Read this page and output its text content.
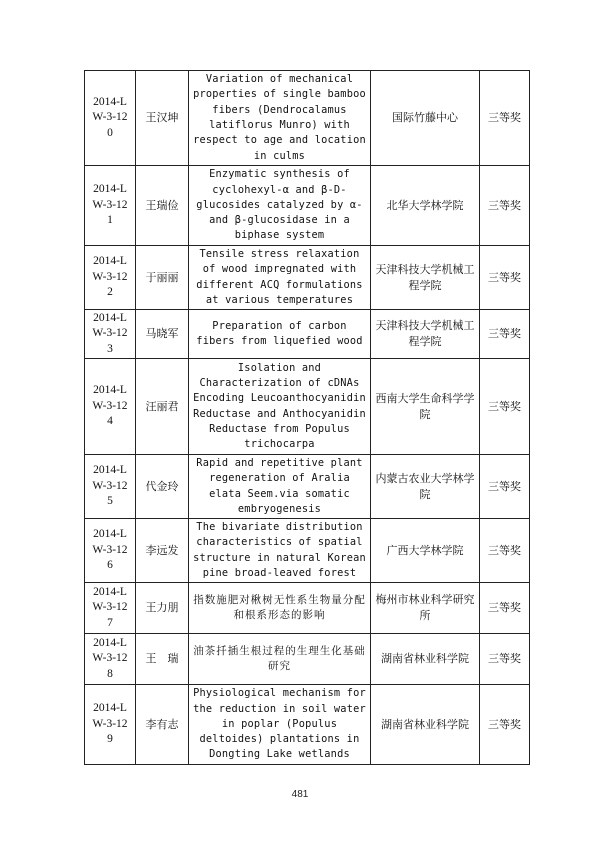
2014-L
W-3-12
0	王汉坤	Variation of mechanical properties of single bamboo fibers (Dendrocalamus latiflorus Munro) with respect to age and location in culms	国际竹藤中心	三等奖
2014-L
W-3-12
1	王瑞俭	Enzymatic synthesis of cyclohexyl-α and β-D-glucosides catalyzed by α- and β-glucosidase in a biphase system	北华大学林学院	三等奖
2014-L
W-3-12
2	于丽丽	Tensile stress relaxation of wood impregnated with different ACQ formulations at various temperatures	天津科技大学机械工程学院	三等奖
2014-L
W-3-12
3	马晓军	Preparation of carbon fibers from liquefied wood	天津科技大学机械工程学院	三等奖
2014-L
W-3-12
4	汪丽君	Isolation and Characterization of cDNAs Encoding Leucoanthocyanidin Reductase and Anthocyanidin Reductase from Populus trichocarpa	西南大学生命科学学院	三等奖
2014-L
W-3-12
5	代金玲	Rapid and repetitive plant regeneration of Aralia elata Seem.via somatic embryogenesis	内蒙古农业大学林学院	三等奖
2014-L
W-3-12
6	李远发	The bivariate distribution characteristics of spatial structure in natural Korean pine broad-leaved forest	广西大学林学院	三等奖
2014-L
W-3-12
7	王力朋	指数施肥对楸树无性系生物量分配和根系形态的影响	梅州市林业科学研究所	三等奖
2014-L
W-3-12
8	王　瑞	油茶扦插生根过程的生理生化基础研究	湖南省林业科学院	三等奖
2014-L
W-3-12
9	李有志	Physiological mechanism for the reduction in soil water in poplar (Populus deltoides) plantations in Dongting Lake wetlands	湖南省林业科学院	三等奖
481
